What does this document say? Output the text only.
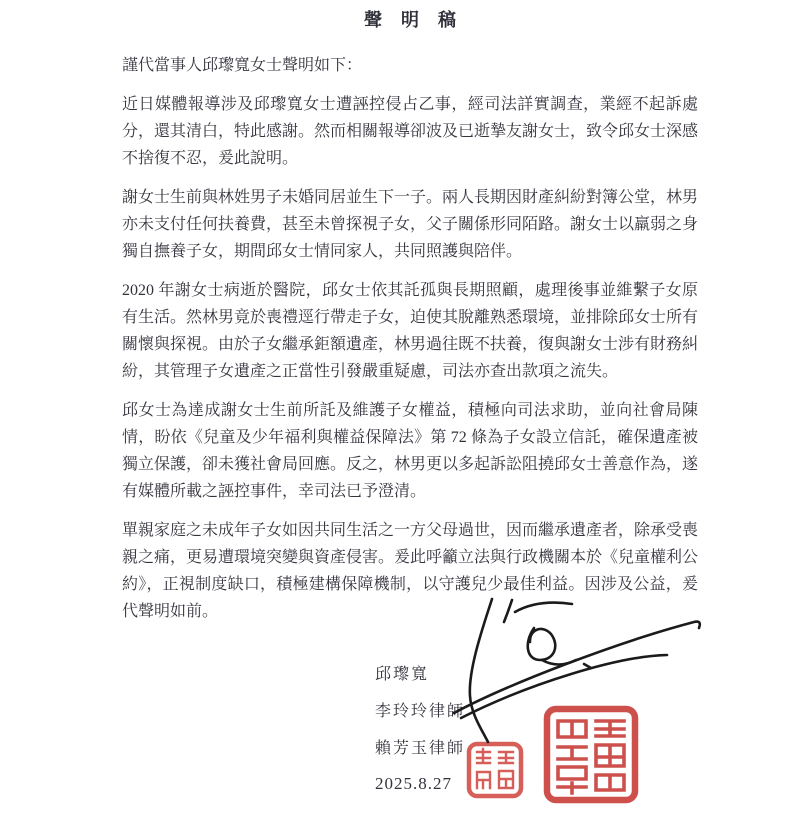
聲明稿

謹代當事人邱瓈寬女士聲明如下：

近日媒體報導涉及邱瓈寬女士遭誣控侵占乙事，經司法詳實調查，業經不起訴處分，還其清白，特此感謝。然而相關報導卻波及已逝摯友謝女士，致令邱女士深感不捨復不忍，爰此說明。

謝女士生前與林姓男子未婚同居並生下一子。兩人長期因財產糾紛對簿公堂，林男亦未支付任何扶養費，甚至未曾探視子女，父子關係形同陌路。謝女士以羸弱之身獨自撫養子女，期間邱女士情同家人，共同照護與陪伴。

2020 年謝女士病逝於醫院，邱女士依其託孤與長期照顧，處理後事並維繫子女原有生活。然林男竟於喪禮逕行帶走子女，迫使其脫離熟悉環境，並排除邱女士所有關懷與探視。由於子女繼承鉅額遺產，林男過往既不扶養，復與謝女士涉有財務糾紛，其管理子女遺產之正當性引發嚴重疑慮，司法亦查出款項之流失。

邱女士為達成謝女士生前所託及維護子女權益，積極向司法求助，並向社會局陳情，盼依《兒童及少年福利與權益保障法》第 72 條為子女設立信託，確保遺產被獨立保護，卻未獲社會局回應。反之，林男更以多起訴訟阻撓邱女士善意作為，遂有媒體所載之誣控事件，幸司法已予澄清。

單親家庭之未成年子女如因共同生活之一方父母過世，因而繼承遺產者，除承受喪親之痛，更易遭環境突變與資產侵害。爰此呼籲立法與行政機關本於《兒童權利公約》，正視制度缺口，積極建構保障機制，以守護兒少最佳利益。因涉及公益，爰代聲明如前。

邱瓈寬
李玲玲律師
賴芳玉律師
2025.8.27
